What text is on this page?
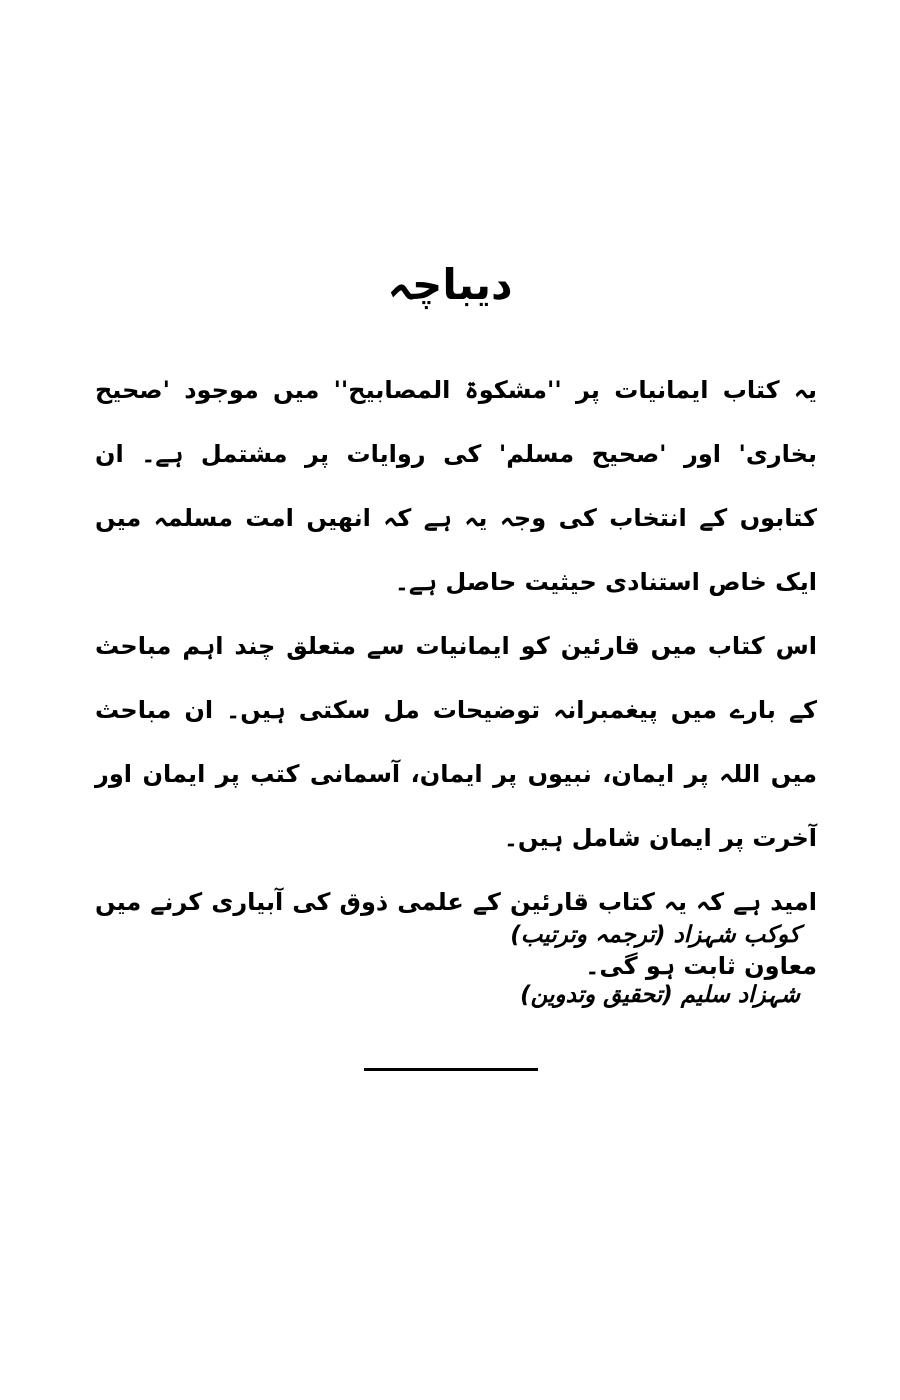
دیباچہ

یہ کتاب ایمانیات پر ''مشکوۃ المصابیح'' میں موجود 'صحیح بخاری' اور 'صحیح مسلم' کی روایات پر مشتمل ہے۔ ان کتابوں کے انتخاب کی وجہ یہ ہے کہ انھیں امت مسلمہ میں ایک خاص استنادی حیثیت حاصل ہے۔

اس کتاب میں قارئین کو ایمانیات سے متعلق چند اہم مباحث کے بارے میں پیغمبرانہ توضیحات مل سکتی ہیں۔ ان مباحث میں اللہ پر ایمان، نبیوں پر ایمان، آسمانی کتب پر ایمان اور آخرت پر ایمان شامل ہیں۔

امید ہے کہ یہ کتاب قارئین کے علمی ذوق کی آبیاری کرنے میں معاون ثابت ہو گی۔

کوکب شہزاد (ترجمہ وترتیب)
شہزاد سلیم (تحقیق وتدوین)
